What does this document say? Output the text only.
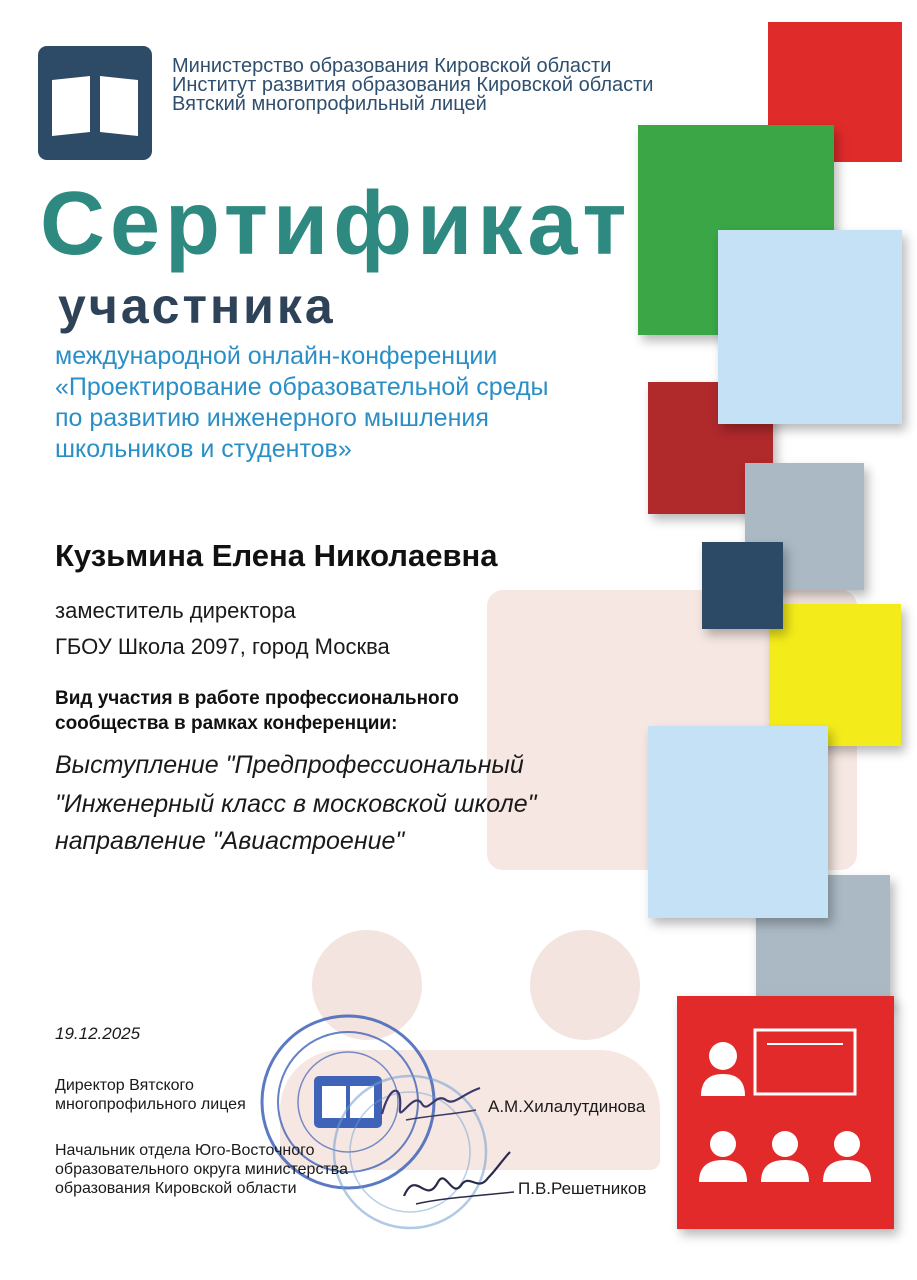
Министерство образования Кировской области
Институт развития образования Кировской области
Вятский многопрофильный лицей
Сертификат
участника
международной онлайн-конференции
«Проектирование образовательной среды
по развитию инженерного мышления
школьников и студентов»
Кузьмина Елена Николаевна
заместитель директора
ГБОУ Школа 2097, город Москва
Вид участия в работе профессионального
сообщества в рамках конференции:
Выступление "Предпрофессиональный
"Инженерный класс в московской школе"
направление "Авиастроение"
19.12.2025
Директор Вятского
многопрофильного лицея	А.М.Хилалутдинова
Начальник отдела Юго-Восточного
образовательного округа министерства
образования Кировской области	П.В.Решетников
